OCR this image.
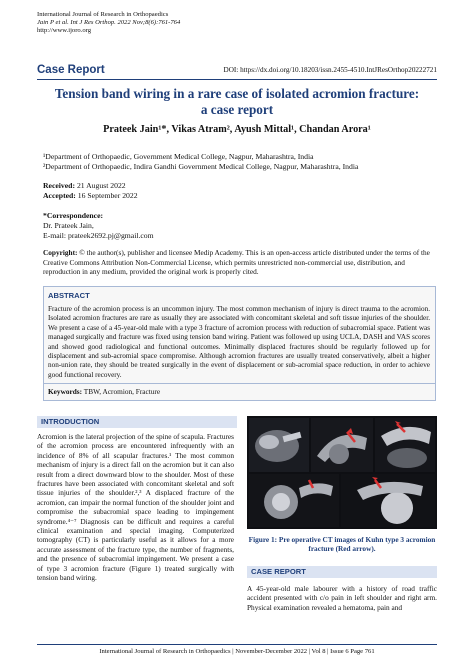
International Journal of Research in Orthopaedics
Jain P et al. Int J Res Orthop. 2022 Nov;8(6):761-764
http://www.ijoro.org
Case Report	DOI: https://dx.doi.org/10.18203/issn.2455-4510.IntJResOrthop20222721
Tension band wiring in a rare case of isolated acromion fracture:
a case report
Prateek Jain¹*, Vikas Atram², Ayush Mittal¹, Chandan Arora¹
¹Department of Orthopaedic, Government Medical College, Nagpur, Maharashtra, India
²Department of Orthopaedic, Indira Gandhi Government Medical College, Nagpur, Maharashtra, India
Received: 21 August 2022
Accepted: 16 September 2022
*Correspondence:
Dr. Prateek Jain,
E-mail: prateek2692.pj@gmail.com
Copyright: © the author(s), publisher and licensee Medip Academy. This is an open-access article distributed under the terms of the Creative Commons Attribution Non-Commercial License, which permits unrestricted non-commercial use, distribution, and reproduction in any medium, provided the original work is properly cited.
ABSTRACT
Fracture of the acromion process is an uncommon injury. The most common mechanism of injury is direct trauma to the acromion. Isolated acromion fractures are rare as usually they are associated with concomitant skeletal and soft tissue injuries of the shoulder. We present a case of a 45-year-old male with a type 3 fracture of acromion process with reduction of subacromial space. Patient was managed surgically and fracture was fixed using tension band wiring. Patient was followed up using UCLA, DASH and VAS scores and showed good radiological and functional outcomes. Minimally displaced fractures should be regularly followed up for displacement and sub-acromial space compromise. Although acromion fractures are usually treated conservatively, albeit a higher non-union rate, they should be treated surgically in the event of displacement or sub-acromial space reduction, in order to achieve good functional recovery.
Keywords: TBW, Acromion, Fracture
INTRODUCTION
Acromion is the lateral projection of the spine of scapula. Fractures of the acromion process are encountered infrequently with an incidence of 8% of all scapular fractures.¹ The most common mechanism of injury is a direct fall on the acromion but it can also result from a direct downward blow to the shoulder. Most of these fractures have been associated with concomitant skeletal and soft tissue injuries of the shoulder.²,³ A displaced fracture of the acromion, can impair the normal function of the shoulder joint and compromise the subacromial space leading to impingement syndrome.⁴⁻⁷ Diagnosis can be difficult and requires a careful clinical examination and special imaging. Computerized tomography (CT) is particularly useful as it allows for a more accurate assessment of the fracture type, the number of fragments, and the presence of subacromial impingement. We present a case of type 3 acromion fracture (Figure 1) treated surgically with tension band wiring.
Figure 1: Pre operative CT images of Kuhn type 3 acromion fracture (Red arrow).
CASE REPORT
A 45-year-old male labourer with a history of road traffic accident presented with c/o pain in left shoulder and right arm. Physical examination revealed a hematoma, pain and
International Journal of Research in Orthopaedics | November-December 2022 | Vol 8 | Issue 6 Page 761
